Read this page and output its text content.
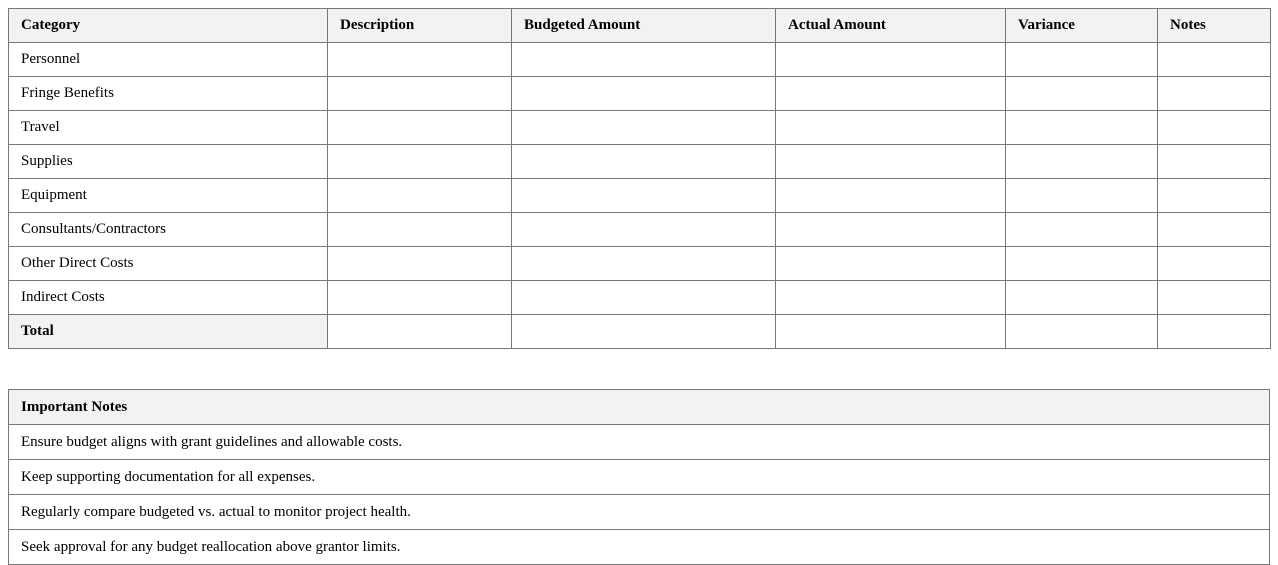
Category	Description	Budgeted Amount	Actual Amount	Variance	Notes
Personnel					
Fringe Benefits					
Travel					
Supplies					
Equipment					
Consultants/Contractors					
Other Direct Costs					
Indirect Costs					
Total					
Important Notes
Ensure budget aligns with grant guidelines and allowable costs.
Keep supporting documentation for all expenses.
Regularly compare budgeted vs. actual to monitor project health.
Seek approval for any budget reallocation above grantor limits.
